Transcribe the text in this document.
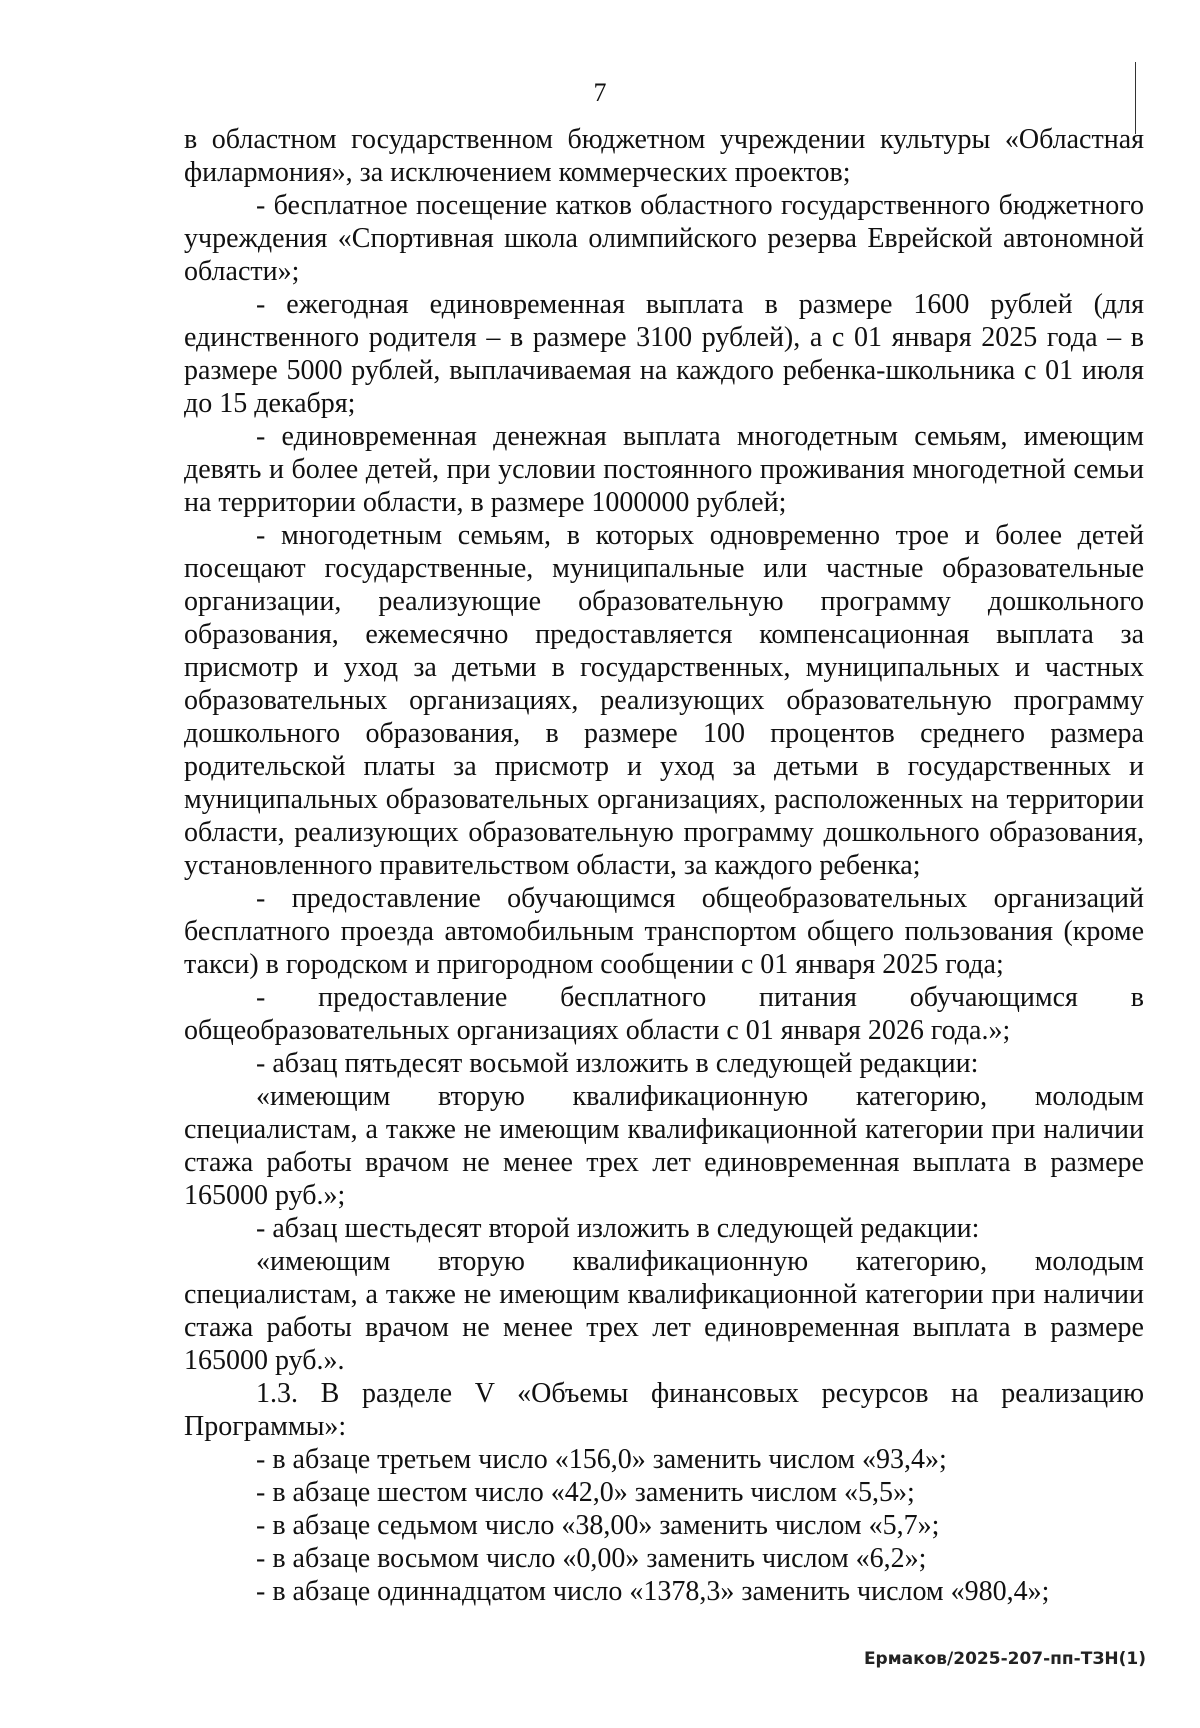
7

в областном государственном бюджетном учреждении культуры «Областная филармония», за исключением коммерческих проектов;

- бесплатное посещение катков областного государственного бюджетного учреждения «Спортивная школа олимпийского резерва Еврейской автономной области»;

- ежегодная единовременная выплата в размере 1600 рублей (для единственного родителя – в размере 3100 рублей), а с 01 января 2025 года – в размере 5000 рублей, выплачиваемая на каждого ребенка-школьника с 01 июля до 15 декабря;

- единовременная денежная выплата многодетным семьям, имеющим девять и более детей, при условии постоянного проживания многодетной семьи на территории области, в размере 1000000 рублей;

- многодетным семьям, в которых одновременно трое и более детей посещают государственные, муниципальные или частные образовательные организации, реализующие образовательную программу дошкольного образования, ежемесячно предоставляется компенсационная выплата за присмотр и уход за детьми в государственных, муниципальных и частных образовательных организациях, реализующих образовательную программу дошкольного образования, в размере 100 процентов среднего размера родительской платы за присмотр и уход за детьми в государственных и муниципальных образовательных организациях, расположенных на территории области, реализующих образовательную программу дошкольного образования, установленного правительством области, за каждого ребенка;

- предоставление обучающимся общеобразовательных организаций бесплатного проезда автомобильным транспортом общего пользования (кроме такси) в городском и пригородном сообщении с 01 января 2025 года;

- предоставление бесплатного питания обучающимся в общеобразовательных организациях области с 01 января 2026 года.»;

- абзац пятьдесят восьмой изложить в следующей редакции:

«имеющим вторую квалификационную категорию, молодым специалистам, а также не имеющим квалификационной категории при наличии стажа работы врачом не менее трех лет единовременная выплата в размере 165000 руб.»;

- абзац шестьдесят второй изложить в следующей редакции:

«имеющим вторую квалификационную категорию, молодым специалистам, а также не имеющим квалификационной категории при наличии стажа работы врачом не менее трех лет единовременная выплата в размере 165000 руб.».

1.3. В разделе V «Объемы финансовых ресурсов на реализацию Программы»:

- в абзаце третьем число «156,0» заменить числом «93,4»;

- в абзаце шестом число «42,0» заменить числом «5,5»;

- в абзаце седьмом число «38,00» заменить числом «5,7»;

- в абзаце восьмом число «0,00» заменить числом «6,2»;

- в абзаце одиннадцатом число «1378,3» заменить числом «980,4»;

Ермаков/2025-207-пп-ТЗН(1)
